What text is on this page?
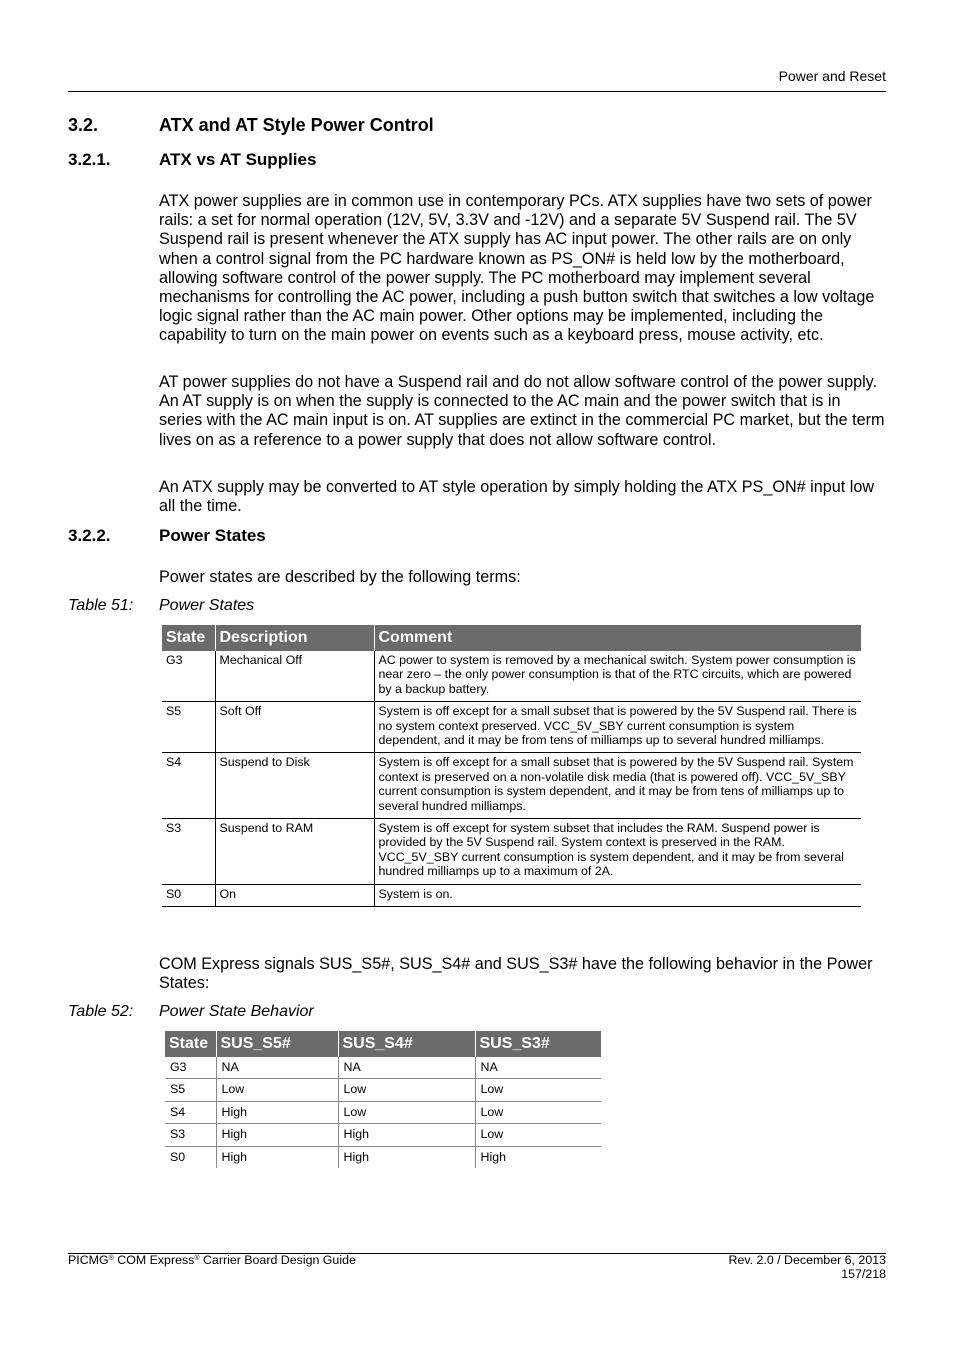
Power and Reset
3.2.	ATX and AT Style Power Control
3.2.1.	ATX vs AT Supplies
ATX power supplies are in common use in contemporary PCs. ATX supplies have two sets of power rails: a set for normal operation (12V, 5V, 3.3V and -12V) and a separate 5V Suspend rail. The 5V Suspend rail is present whenever the ATX supply has AC input power. The other rails are on only when a control signal from the PC hardware known as PS_ON# is held low by the motherboard, allowing software control of the power supply. The PC motherboard may implement several mechanisms for controlling the AC power, including a push button switch that switches a low voltage logic signal rather than the AC main power. Other options may be implemented, including the capability to turn on the main power on events such as a keyboard press, mouse activity, etc.
AT power supplies do not have a Suspend rail and do not allow software control of the power supply. An AT supply is on when the supply is connected to the AC main and the power switch that is in series with the AC main input is on. AT supplies are extinct in the commercial PC market, but the term lives on as a reference to a power supply that does not allow software control.
An ATX supply may be converted to AT style operation by simply holding the ATX PS_ON# input low all the time.
3.2.2.	Power States
Power states are described by the following terms:
Table 51: Power States
State	Description	Comment
G3	Mechanical Off	AC power to system is removed by a mechanical switch. System power consumption is near zero – the only power consumption is that of the RTC circuits, which are powered by a backup battery.
S5	Soft Off	System is off except for a small subset that is powered by the 5V Suspend rail. There is no system context preserved. VCC_5V_SBY current consumption is system dependent, and it may be from tens of milliamps up to several hundred milliamps.
S4	Suspend to Disk	System is off except for a small subset that is powered by the 5V Suspend rail. System context is preserved on a non-volatile disk media (that is powered off). VCC_5V_SBY current consumption is system dependent, and it may be from tens of milliamps up to several hundred milliamps.
S3	Suspend to RAM	System is off except for system subset that includes the RAM. Suspend power is provided by the 5V Suspend rail. System context is preserved in the RAM. VCC_5V_SBY current consumption is system dependent, and it may be from several hundred milliamps up to a maximum of 2A.
S0	On	System is on.
COM Express signals SUS_S5#, SUS_S4# and SUS_S3# have the following behavior in the Power States:
Table 52: Power State Behavior
State	SUS_S5#	SUS_S4#	SUS_S3#
G3	NA	NA	NA
S5	Low	Low	Low
S4	High	Low	Low
S3	High	High	Low
S0	High	High	High
PICMG® COM Express® Carrier Board Design Guide	Rev. 2.0 / December 6, 2013
157/218
